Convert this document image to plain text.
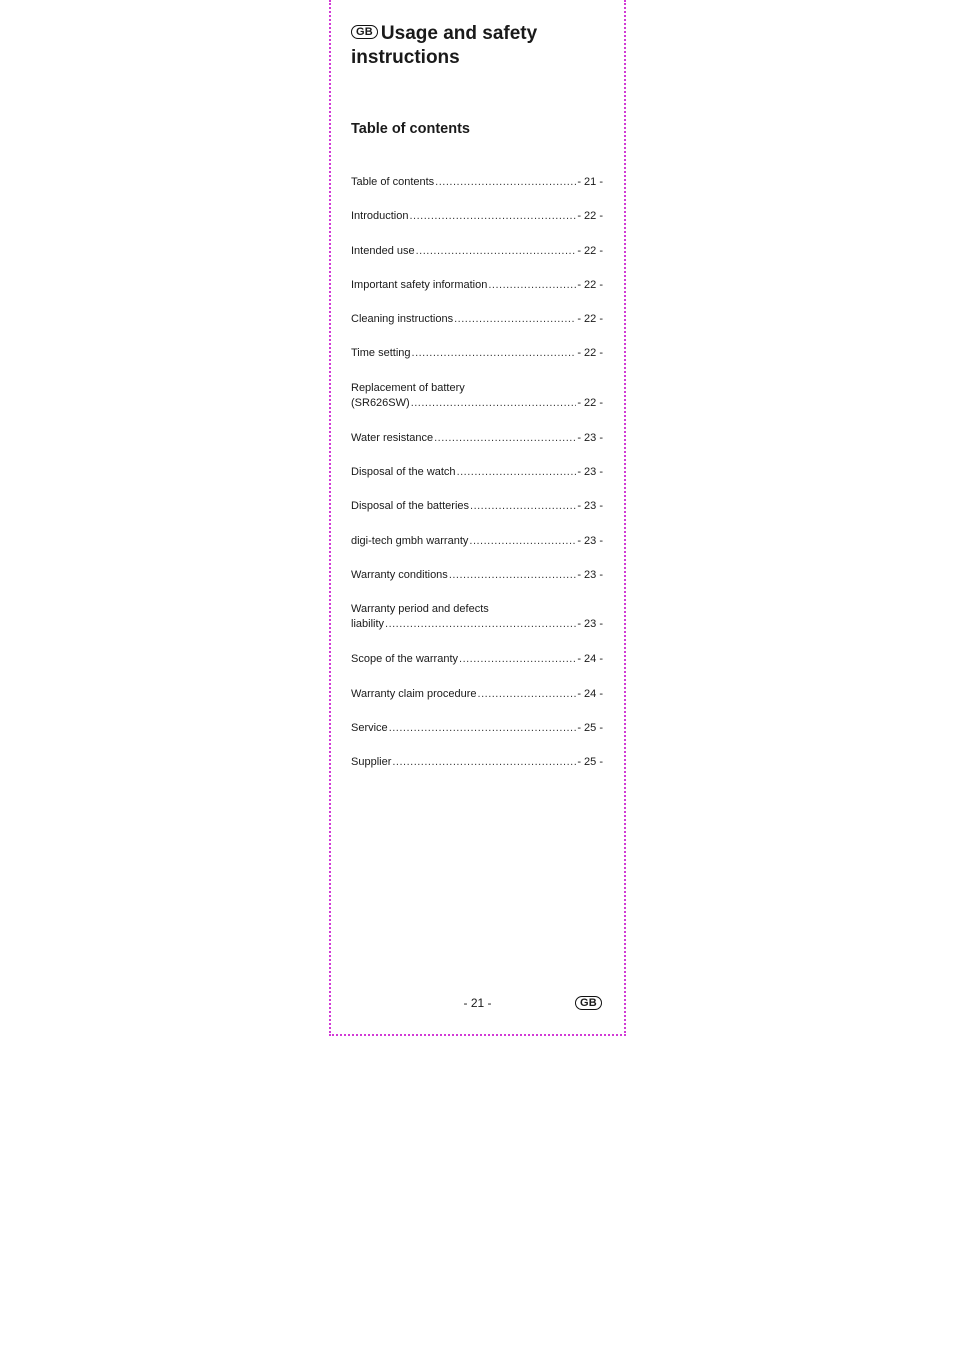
GB Usage and safety instructions
Table of contents
Table of contents .....	- 21 -
Introduction .....	- 22 -
Intended use .....	- 22 -
Important safety information .....	- 22 -
Cleaning instructions .....	- 22 -
Time setting .....	- 22 -
Replacement of battery
(SR626SW) .....	- 22 -
Water resistance .....	- 23 -
Disposal of the watch .....	- 23 -
Disposal of the batteries .....	- 23 -
digi-tech gmbh warranty .....	- 23 -
Warranty conditions .....	- 23 -
Warranty period and defects
liability .....	- 23 -
Scope of the warranty .....	- 24 -
Warranty claim procedure .....	- 24 -
Service .....	- 25 -
Supplier .....	- 25 -
- 21 -	GB
